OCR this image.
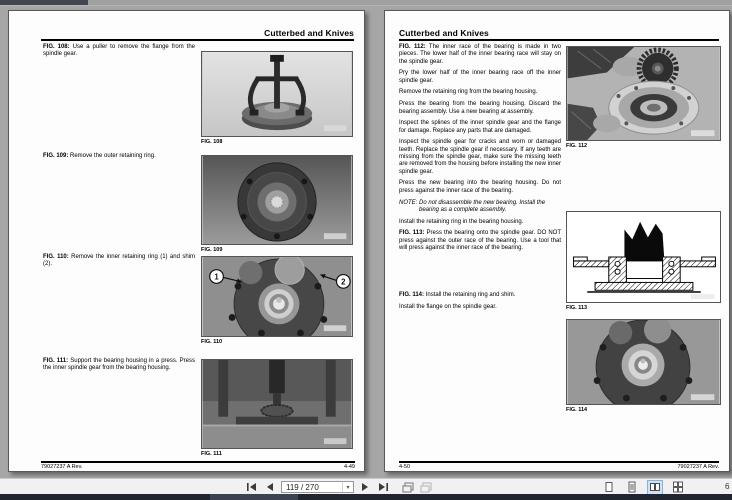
Cutterbed and Knives
FIG. 108: Use a puller to remove the flange from the spindle gear.
FIG. 109: Remove the outer retaining ring.
FIG. 110: Remove the inner retaining ring (1) and shim (2).
FIG. 111: Support the bearing housing in a press. Press the inner spindle gear from the bearing housing.
FIG. 108
FIG. 109
1
2
FIG. 110
FIG. 111
79027237 A Rev.	4-49
Cutterbed and Knives

FIG. 112: The inner race of the bearing is made in two pieces. The lower half of the inner bearing race will stay on the spindle gear.

Pry the lower half of the inner bearing race off the inner spindle gear.

Remove the retaining ring from the bearing housing.

Press the bearing from the bearing housing. Discard the bearing assembly. Use a new bearing at assembly.

Inspect the splines of the inner spindle gear and the flange for damage. Replace any parts that are damaged.

Inspect the spindle gear for cracks and worn or damaged teeth. Replace the spindle gear if necessary. If any teeth are missing from the spindle gear, make sure the missing teeth are removed from the housing before installing the new inner spindle gear.

Press the new bearing into the bearing housing. Do not press against the inner race of the bearing.

NOTE: Do not disassemble the new bearing. Install the bearing as a complete assembly.

Install the retaining ring in the bearing housing.

FIG. 113: Press the bearing onto the spindle gear. DO NOT press against the outer race of the bearing. Use a tool that will press against the inner race of the bearing.

FIG. 114: Install the retaining ring and shim.

Install the flange on the spindle gear.

FIG. 112
FIG. 113
FIG. 114
4-50	79027237 A Rev.
119 / 270	▾	6
